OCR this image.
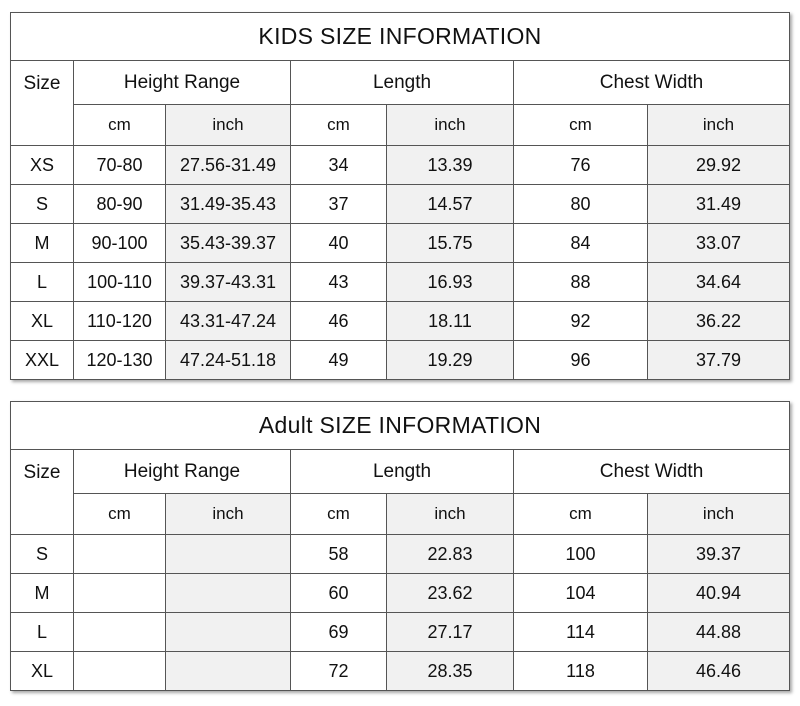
KIDS SIZE INFORMATION						
Size	Height Range		Length		Chest Width	
	cm	inch	cm	inch	cm	inch
XS	70-80	27.56-31.49	34	13.39	76	29.92
S	80-90	31.49-35.43	37	14.57	80	31.49
M	90-100	35.43-39.37	40	15.75	84	33.07
L	100-110	39.37-43.31	43	16.93	88	34.64
XL	110-120	43.31-47.24	46	18.11	92	36.22
XXL	120-130	47.24-51.18	49	19.29	96	37.79
Adult SIZE INFORMATION						
Size	Height Range		Length		Chest Width	
	cm	inch	cm	inch	cm	inch
S			58	22.83	100	39.37
M			60	23.62	104	40.94
L			69	27.17	114	44.88
XL			72	28.35	118	46.46
